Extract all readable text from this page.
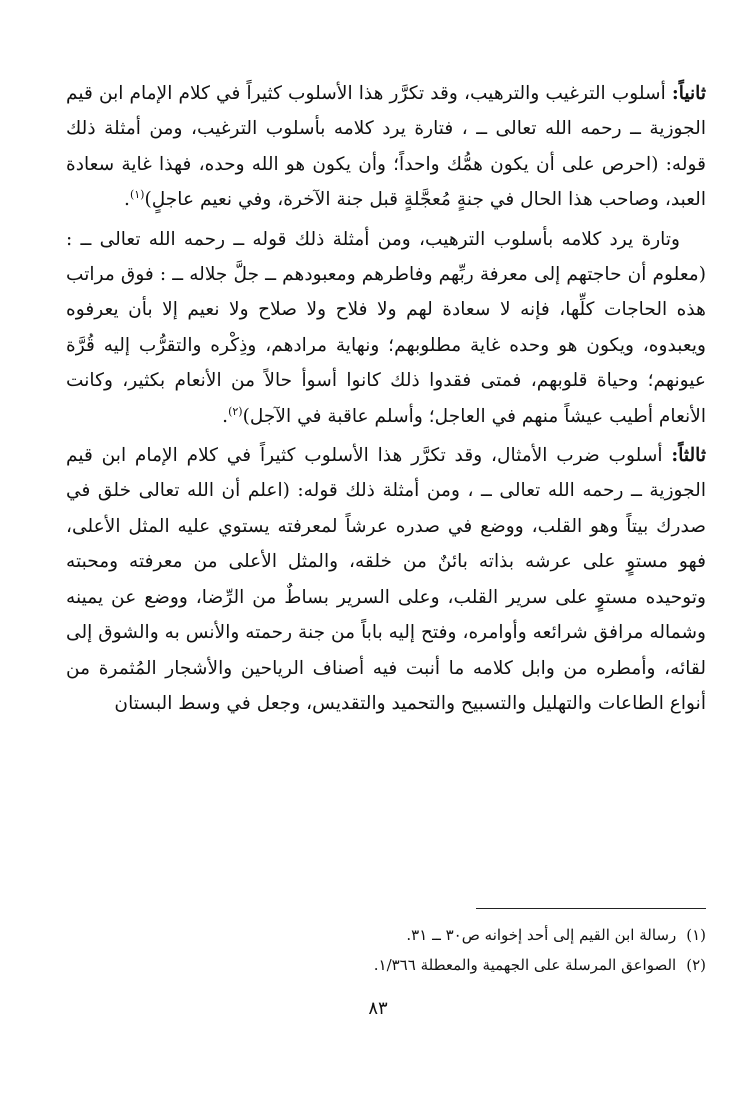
ثانياً: أسلوب الترغيب والترهيب، وقد تكرَّر هذا الأسلوب كثيراً في كلام الإمام ابن قيم الجوزية ــ رحمه الله تعالى ــ ، فتارة يرد كلامه بأسلوب الترغيب، ومن أمثلة ذلك قوله: (احرص على أن يكون همُّك واحداً؛ وأن يكون هو الله وحده، فهذا غاية سعادة العبد، وصاحب هذا الحال في جنةٍ مُعجَّلةٍ قبل جنة الآخرة، وفي نعيم عاجلٍ)$^{(١)}$.

وتارة يرد كلامه بأسلوب الترهيب، ومن أمثلة ذلك قوله ــ رحمه الله تعالى ــ : (معلوم أن حاجتهم إلى معرفة ربِّهم وفاطرهم ومعبودهم ــ جلَّ جلاله ــ : فوق مراتب هذه الحاجات كلِّها، فإنه لا سعادة لهم ولا فلاح ولا صلاح ولا نعيم إلا بأن يعرفوه ويعبدوه، ويكون هو وحده غاية مطلوبهم؛ ونهاية مرادهم، وذِكْره والتقرُّب إليه قُرَّة عيونهم؛ وحياة قلوبهم، فمتى فقدوا ذلك كانوا أسوأ حالاً من الأنعام بكثير، وكانت الأنعام أطيب عيشاً منهم في العاجل؛ وأسلم عاقبة في الآجل)$^{(٢)}$.

ثالثاً: أسلوب ضرب الأمثال، وقد تكرَّر هذا الأسلوب كثيراً في كلام الإمام ابن قيم الجوزية ــ رحمه الله تعالى ــ ، ومن أمثلة ذلك قوله: (اعلم أن الله تعالى خلق في صدرك بيتاً وهو القلب، ووضع في صدره عرشاً لمعرفته يستوي عليه المثل الأعلى، فهو مستوٍ على عرشه بذاته بائنٌ من خلقه، والمثل الأعلى من معرفته ومحبته وتوحيده مستوٍ على سرير القلب، وعلى السرير بساطٌ من الرِّضا، ووضع عن يمينه وشماله مرافق شرائعه وأوامره، وفتح إليه باباً من جنة رحمته والأنس به والشوق إلى لقائه، وأمطره من وابل كلامه ما أنبت فيه أصناف الرياحين والأشجار المُثمرة من أنواع الطاعات والتهليل والتسبيح والتحميد والتقديس، وجعل في وسط البستان

(١)رسالة ابن القيم إلى أحد إخوانه ص٣٠ ــ ٣١.

(٢)الصواعق المرسلة على الجهمية والمعطلة ١/٣٦٦.

٨٣
